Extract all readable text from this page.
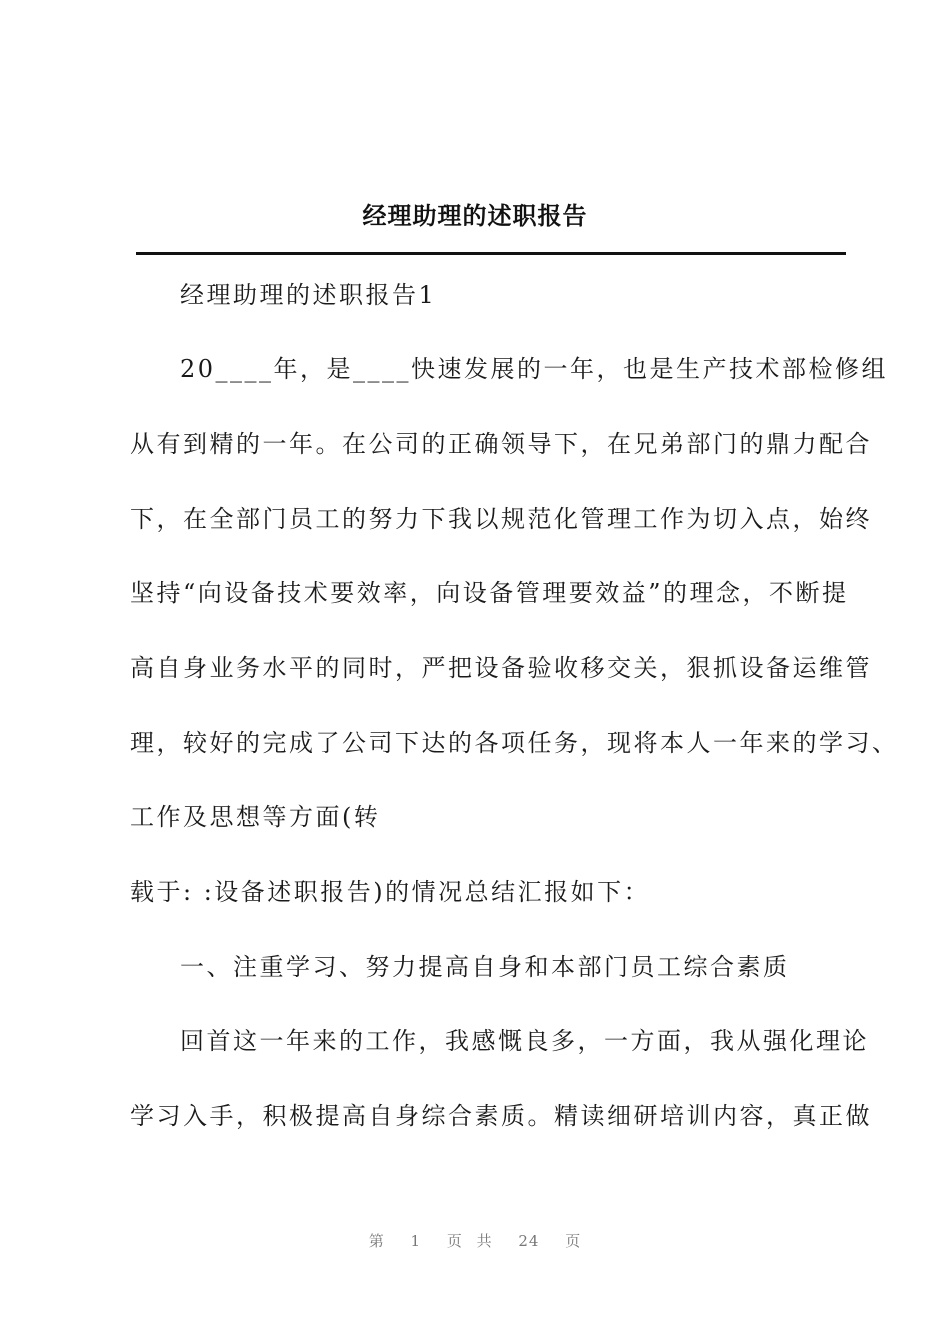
经理助理的述职报告

经理助理的述职报告1

20____年，是____快速发展的一年，也是生产技术部检修组

从有到精的一年。在公司的正确领导下，在兄弟部门的鼎力配合

下，在全部门员工的努力下我以规范化管理工作为切入点，始终

坚持“向设备技术要效率，向设备管理要效益”的理念，不断提

高自身业务水平的同时，严把设备验收移交关，狠抓设备运维管

理，较好的完成了公司下达的各项任务，现将本人一年来的学习、

工作及思想等方面(转

载于: :设备述职报告)的情况总结汇报如下：

一、注重学习、努力提高自身和本部门员工综合素质

回首这一年来的工作，我感慨良多，一方面，我从强化理论

学习入手，积极提高自身综合素质。精读细研培训内容，真正做

第 1 页 共 24 页
